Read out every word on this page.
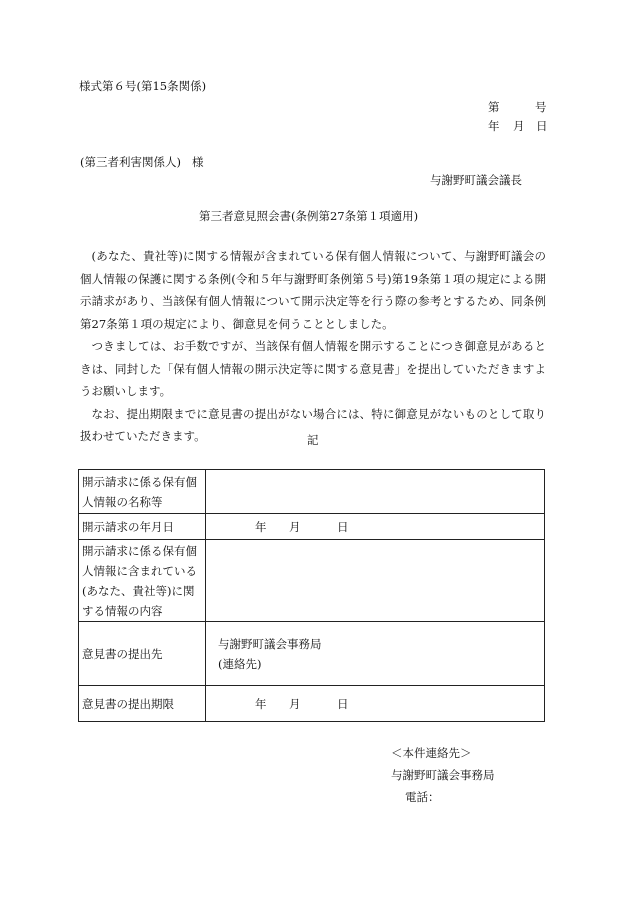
様式第６号(第15条関係)
第	号
年 月 日
(第三者利害関係人) 様
与謝野町議会議長
第三者意見照会書(条例第27条第１項適用)

(あなた、貴社等)に関する情報が含まれている保有個人情報について、与謝野町議会の個人情報の保護に関する条例(令和５年与謝野町条例第５号)第19条第１項の規定による開示請求があり、当該保有個人情報について開示決定等を行う際の参考とするため、同条例第27条第１項の規定により、御意見を伺うこととしました。

つきましては、お手数ですが、当該保有個人情報を開示することにつき御意見があるときは、同封した「保有個人情報の開示決定等に関する意見書」を提出していただきますようお願いします。

なお、提出期限までに意見書の提出がない場合には、特に御意見がないものとして取り扱わせていただきます。	記
開示請求に係る保有個人情報の名称等	
開示請求の年月日	年 月 日

開示請求に係る保有個人情報に含まれている(あなた、貴社等)に関する情報の内容	
意見書の提出先	与謝野町議会事務局
(連絡先)

意見書の提出期限	年 月 日
＜本件連絡先＞
与謝野町議会事務局
電話：
